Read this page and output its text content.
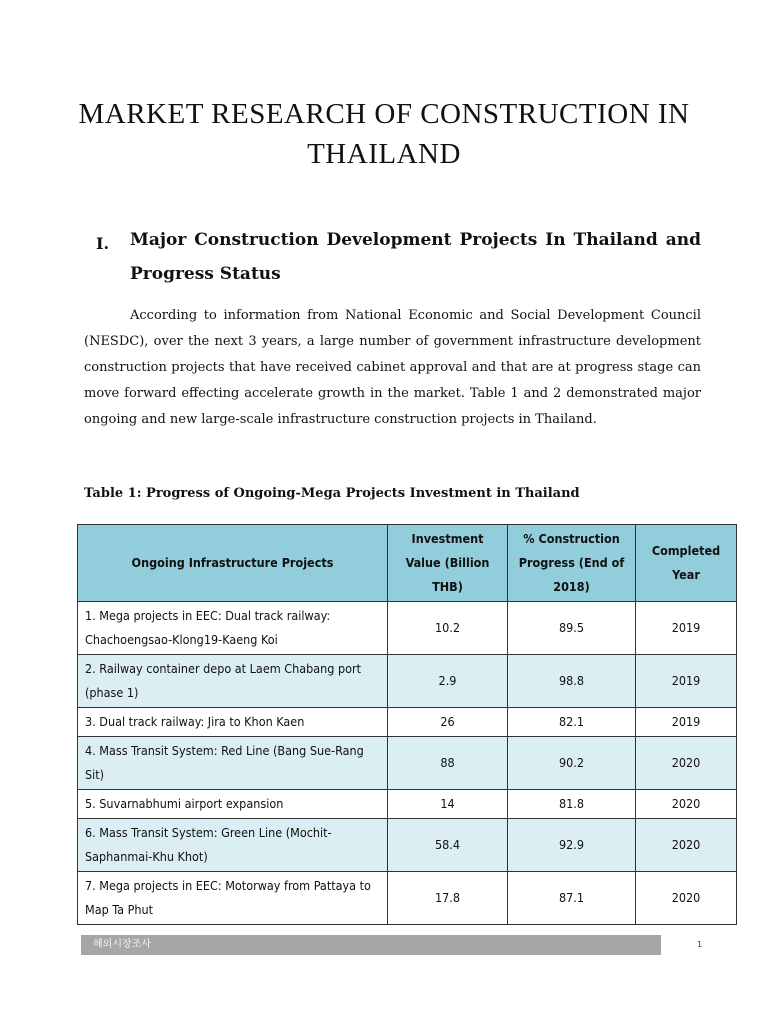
MARKET RESEARCH OF CONSTRUCTION IN THAILAND
I. Major Construction Development Projects In Thailand and Progress Status

According to information from National Economic and Social Development Council (NESDC), over the next 3 years, a large number of government infrastructure development construction projects that have received cabinet approval and that are at progress stage can move forward effecting accelerate growth in the market. Table 1 and 2 demonstrated major ongoing and new large-scale infrastructure construction projects in Thailand.

Table 1: Progress of Ongoing-Mega Projects Investment in Thailand
Ongoing Infrastructure Projects	Investment Value (Billion THB)	% Construction Progress (End of 2018)	Completed Year
1. Mega projects in EEC: Dual track railway: Chachoengsao-Klong19-Kaeng Koi	10.2	89.5	2019
2. Railway container depo at Laem Chabang port (phase 1)	2.9	98.8	2019
3. Dual track railway: Jira to Khon Kaen	26	82.1	2019
4. Mass Transit System: Red Line (Bang Sue-Rang Sit)	88	90.2	2020
5. Suvarnabhumi airport expansion	14	81.8	2020
6. Mass Transit System: Green Line (Mochit-Saphanmai-Khu Khot)	58.4	92.9	2020
7. Mega projects in EEC: Motorway from Pattaya to Map Ta Phut	17.8	87.1	2020
해외시장조사	1
